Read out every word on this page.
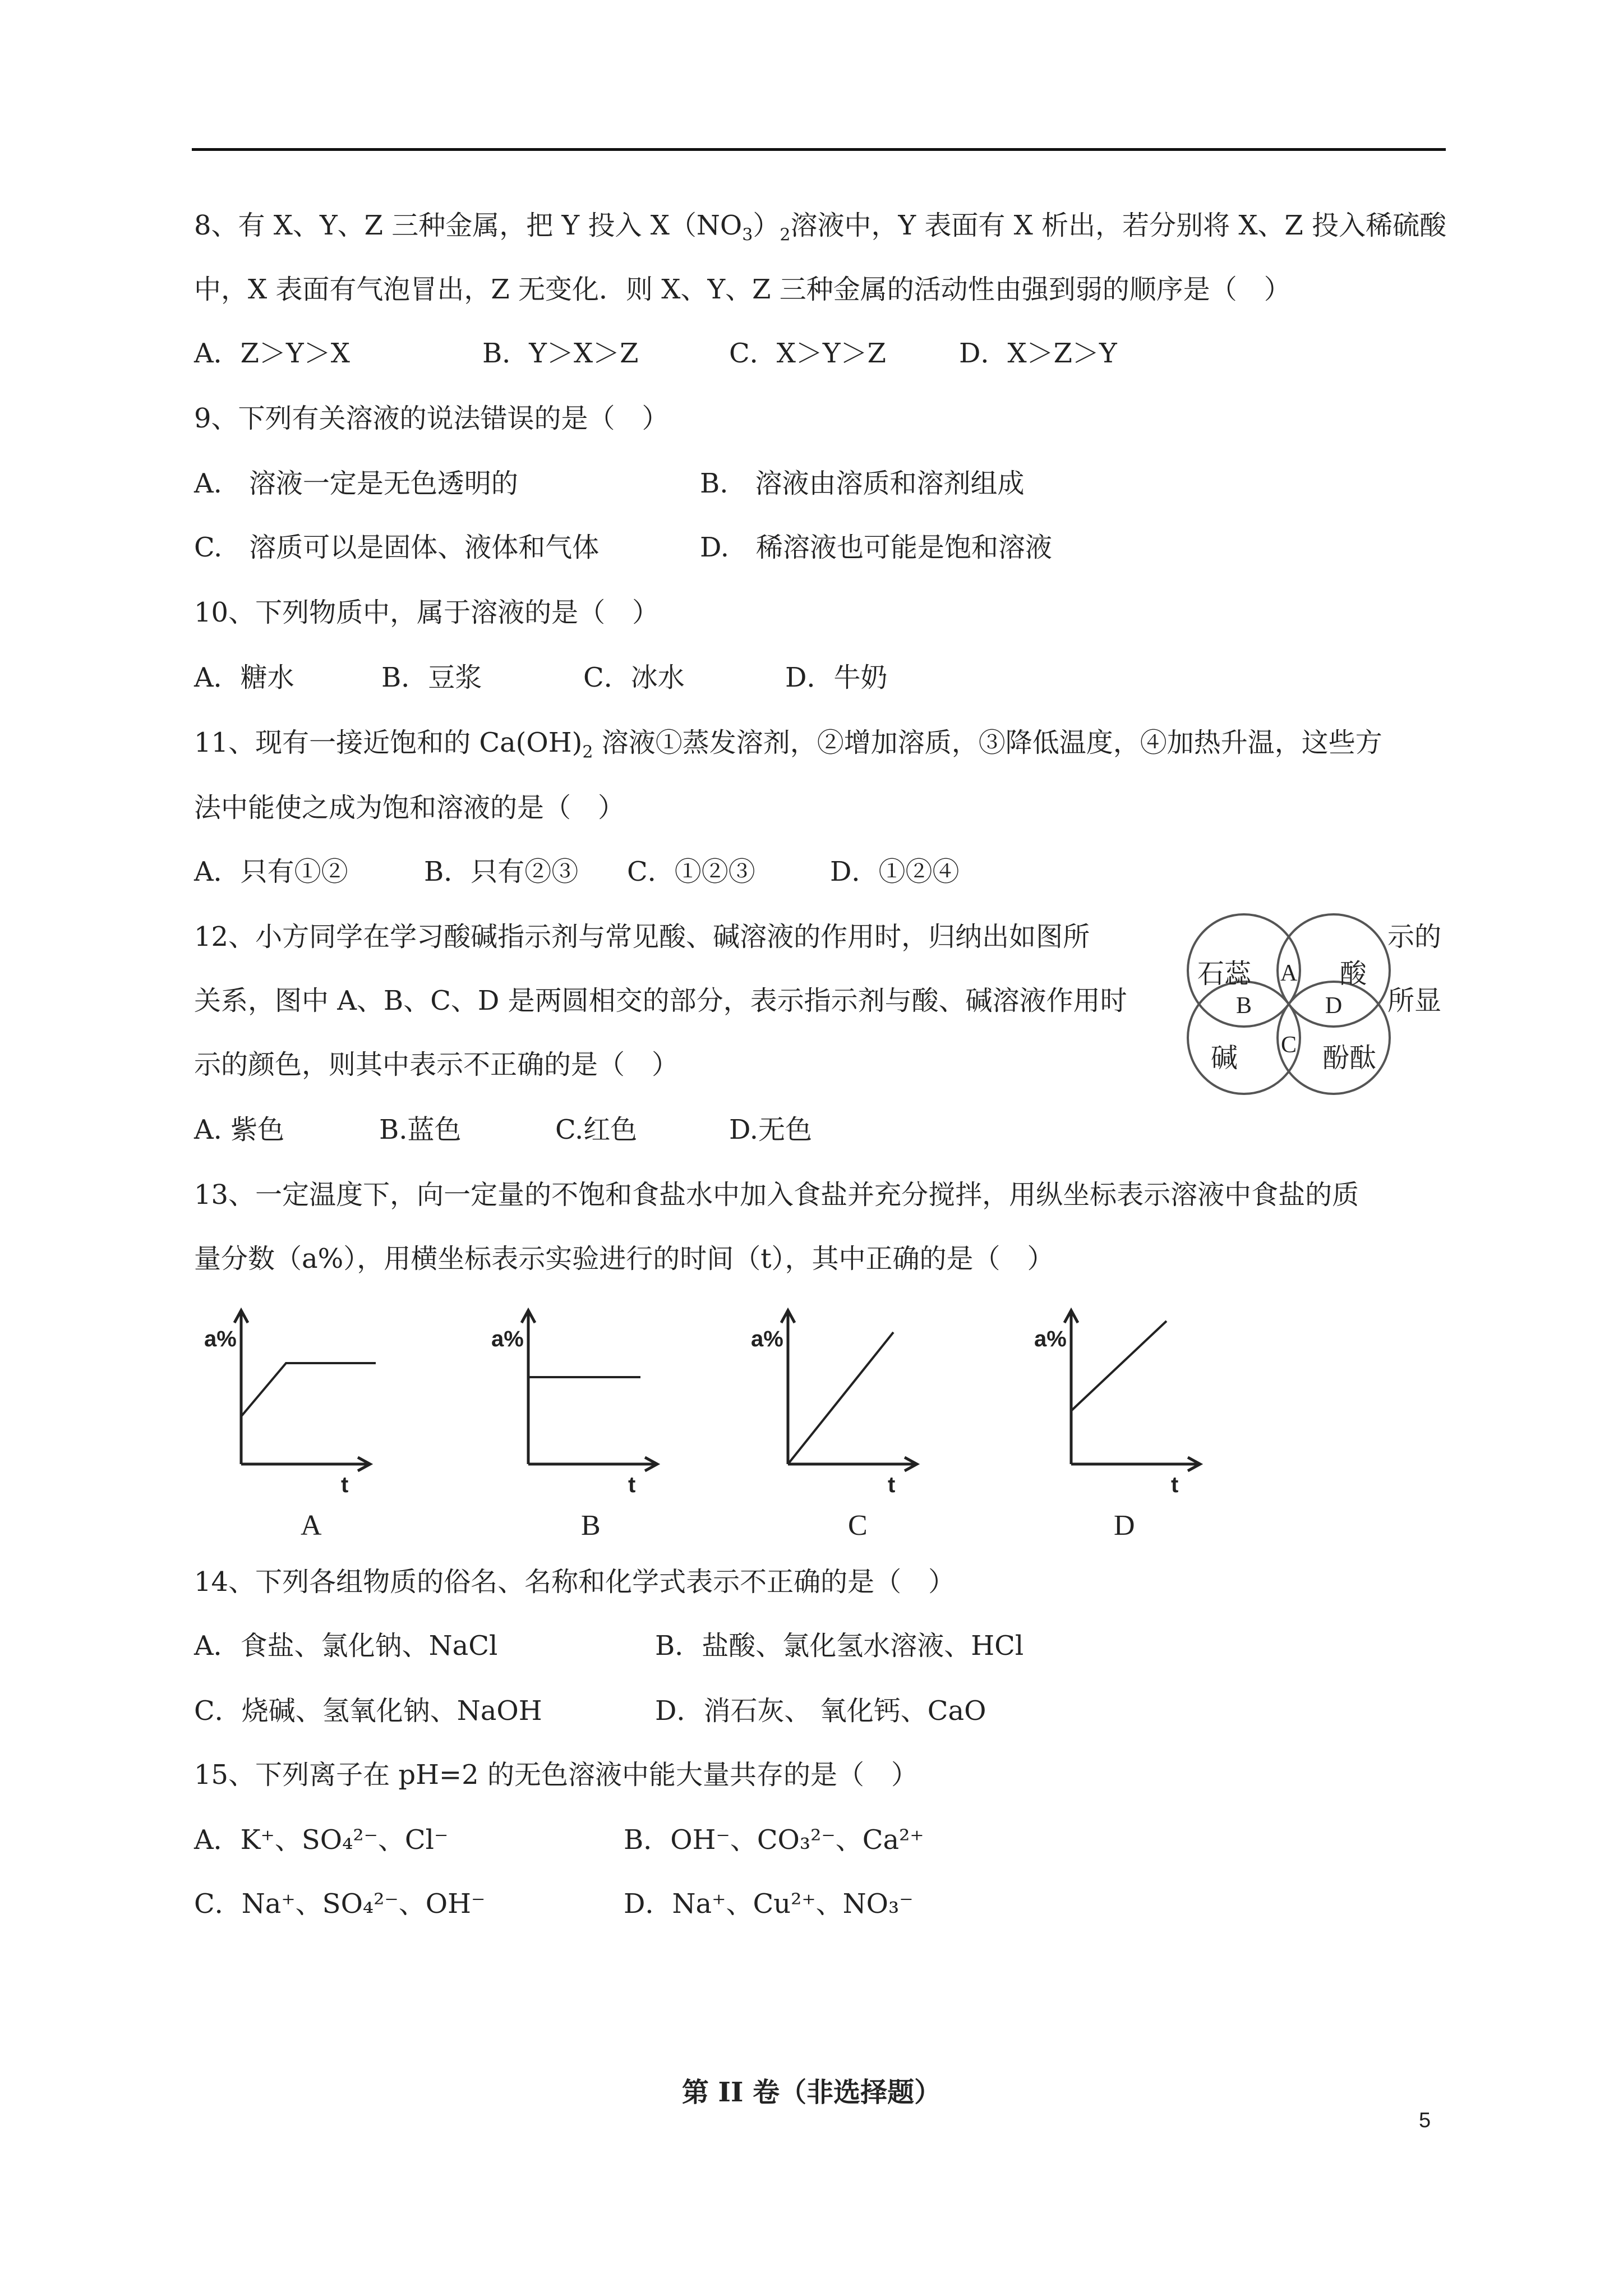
8、有 X、Y、Z 三种金属，把 Y 投入 $X(NO_3)_2$溶液中，Y 表面有 X 析出，若分别将 X、Z 投入稀硫酸
中，X 表面有气泡冒出，Z 无变化．则 X、Y、Z 三种金属的活动性由强到弱的顺序是（　）
A．Z＞Y＞X	B．Y＞X＞Z	C．X＞Y＞Z	D．X＞Z＞Y
9、下列有关溶液的说法错误的是（　）
A.　溶液一定是无色透明的	B.　溶液由溶质和溶剂组成
C.　溶质可以是固体、液体和气体	D.　稀溶液也可能是饱和溶液
10、下列物质中，属于溶液的是（　）
A．糖水	B．豆浆	C．冰水	D．牛奶
11、现有一接近饱和的 $Ca(OH)_2$ 溶液①蒸发溶剂，②增加溶质，③降低温度，④加热升温，这些方
法中能使之成为饱和溶液的是（　）
A．只有①②	B．只有②③ C．①②③	D．①②④
12、小方同学在学习酸碱指示剂与常见酸、碱溶液的作用时，归纳出如图所	示的
关系，图中 A、B、C、D 是两圆相交的部分，表示指示剂与酸、碱溶液作用时	所显
示的颜色，则其中表示不正确的是（　）
石蕊	酸
碱	酚酞
A
B
C
D
A. 紫色	B.蓝色	C.红色	D.无色
13、一定温度下，向一定量的不饱和食盐水中加入食盐并充分搅拌，用纵坐标表示溶液中食盐的质
量分数（a%），用横坐标表示实验进行的时间（t），其中正确的是（　）
a%
t
A
a%
t
B
a%
t
C
a%
t
D
14、下列各组物质的俗名、名称和化学式表示不正确的是（　）
A．食盐、氯化钠、NaCl	B．盐酸、氯化氢水溶液、HCl
C．烧碱、氢氧化钠、NaOH	D．消石灰、 氧化钙、CaO
15、下列离子在 pH=2 的无色溶液中能大量共存的是（　）
A．K⁺、SO₄²⁻、Cl⁻	B．OH⁻、CO₃²⁻、Ca²⁺
C．Na⁺、SO₄²⁻、OH⁻	D．Na⁺、Cu²⁺、NO₃⁻
第 II 卷（非选择题）
5
